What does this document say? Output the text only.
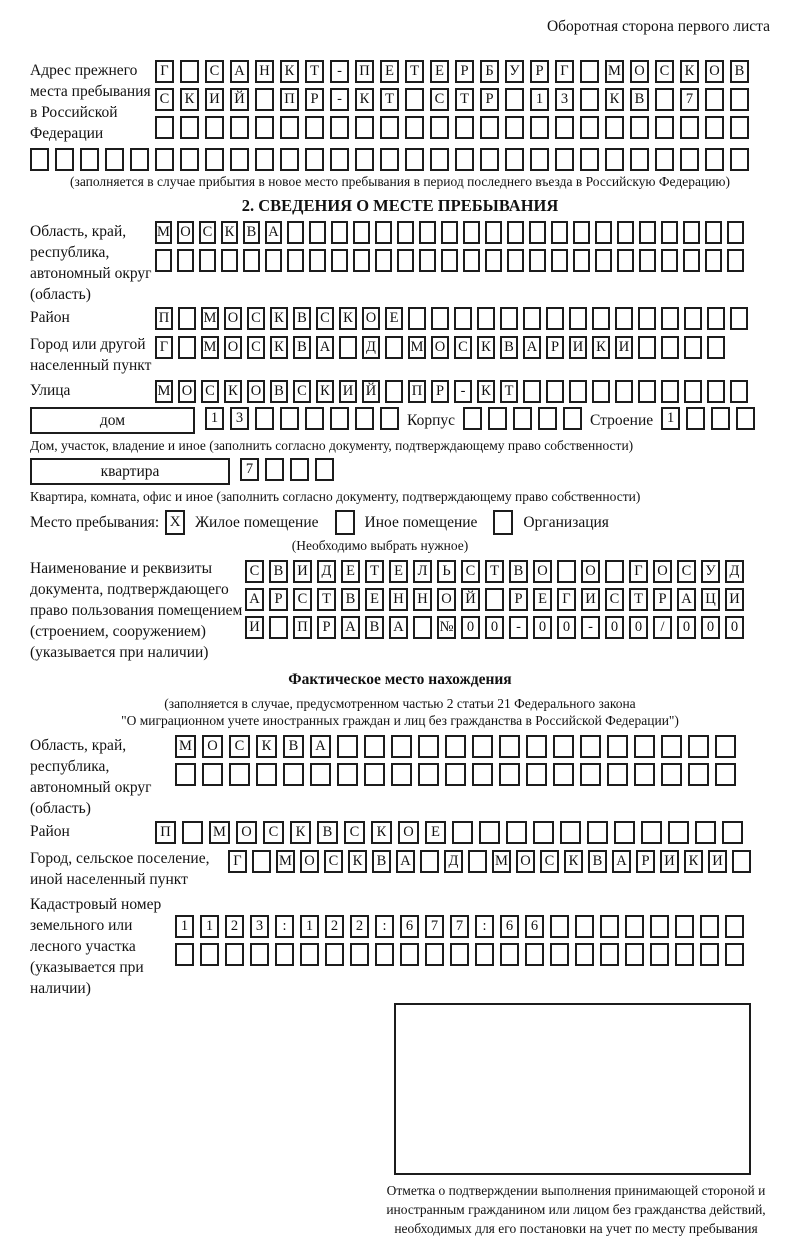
Оборотная сторона первого листа
Адрес прежнего места пребывания в Российской Федерации
Г	С	А Н	К	Т	-	П	Е	Т	Е	Р	Б	У	Р	Г	М О	С	К	О	В
С	К	И Й	П	Р	-	К	Т	С	Т	Р	1	3	К	В	7
(заполняется в случае прибытия в новое место пребывания в период последнего въезда в Российскую Федерацию)
2. СВЕДЕНИЯ О МЕСТЕ ПРЕБЫВАНИЯ
Область, край, республика, автономный округ (область)
М О С К В А
Район	П М О С К В С К О Е
Город или другой населенный пункт
Г	М О С К В А Д М О С К В А Р И К И
Улица	М О С К О В С К И Й П Р	-	К Т
дом	1	3	Корпус	Строение 1
Дом, участок, владение и иное (заполнить согласно документу, подтверждающему право собственности)
квартира	7
Квартира, комната, офис и иное (заполнить согласно документу, подтверждающему право собственности)
Место пребывания: X Жилое помещение	Иное помещение	Организация
(Необходимо выбрать нужное)
Наименование и реквизиты документа, подтверждающего право пользования помещением (строением, сооружением) (указывается при наличии)
С В И Д	Е	Т	Е	Л	Ь	С	Т	В О	О	Г	О С У Д
А	Р	С	Т	В	Е Н Н О Й	Р	Е	Г	И С	Т	Р	А Ц И
И	П	Р	А В А № 0	0	-	0	0	-	0	0	/	0	0	0
Фактическое место нахождения
(заполняется в случае, предусмотренном частью 2 статьи 21 Федерального закона
"О миграционном учете иностранных граждан и лиц без гражданства в Российской Федерации")
Область, край, республика, автономный округ (область)
М	О	С	К	В	А
Район	П	М	О	С	К	В	С	К	О	Е
Город, сельское поселение, иной населенный пункт
Г	М О С К В А	Д	М О С К В А	Р	И К И
Кадастровый номер земельного или лесного участка (указывается при наличии)
1	1	2	3	:	1	2	2	:	6	7	7	:	6	6
Отметка о подтверждении выполнения принимающей стороной и иностранным гражданином или лицом без гражданства действий, необходимых для его постановки на учет по месту пребывания
